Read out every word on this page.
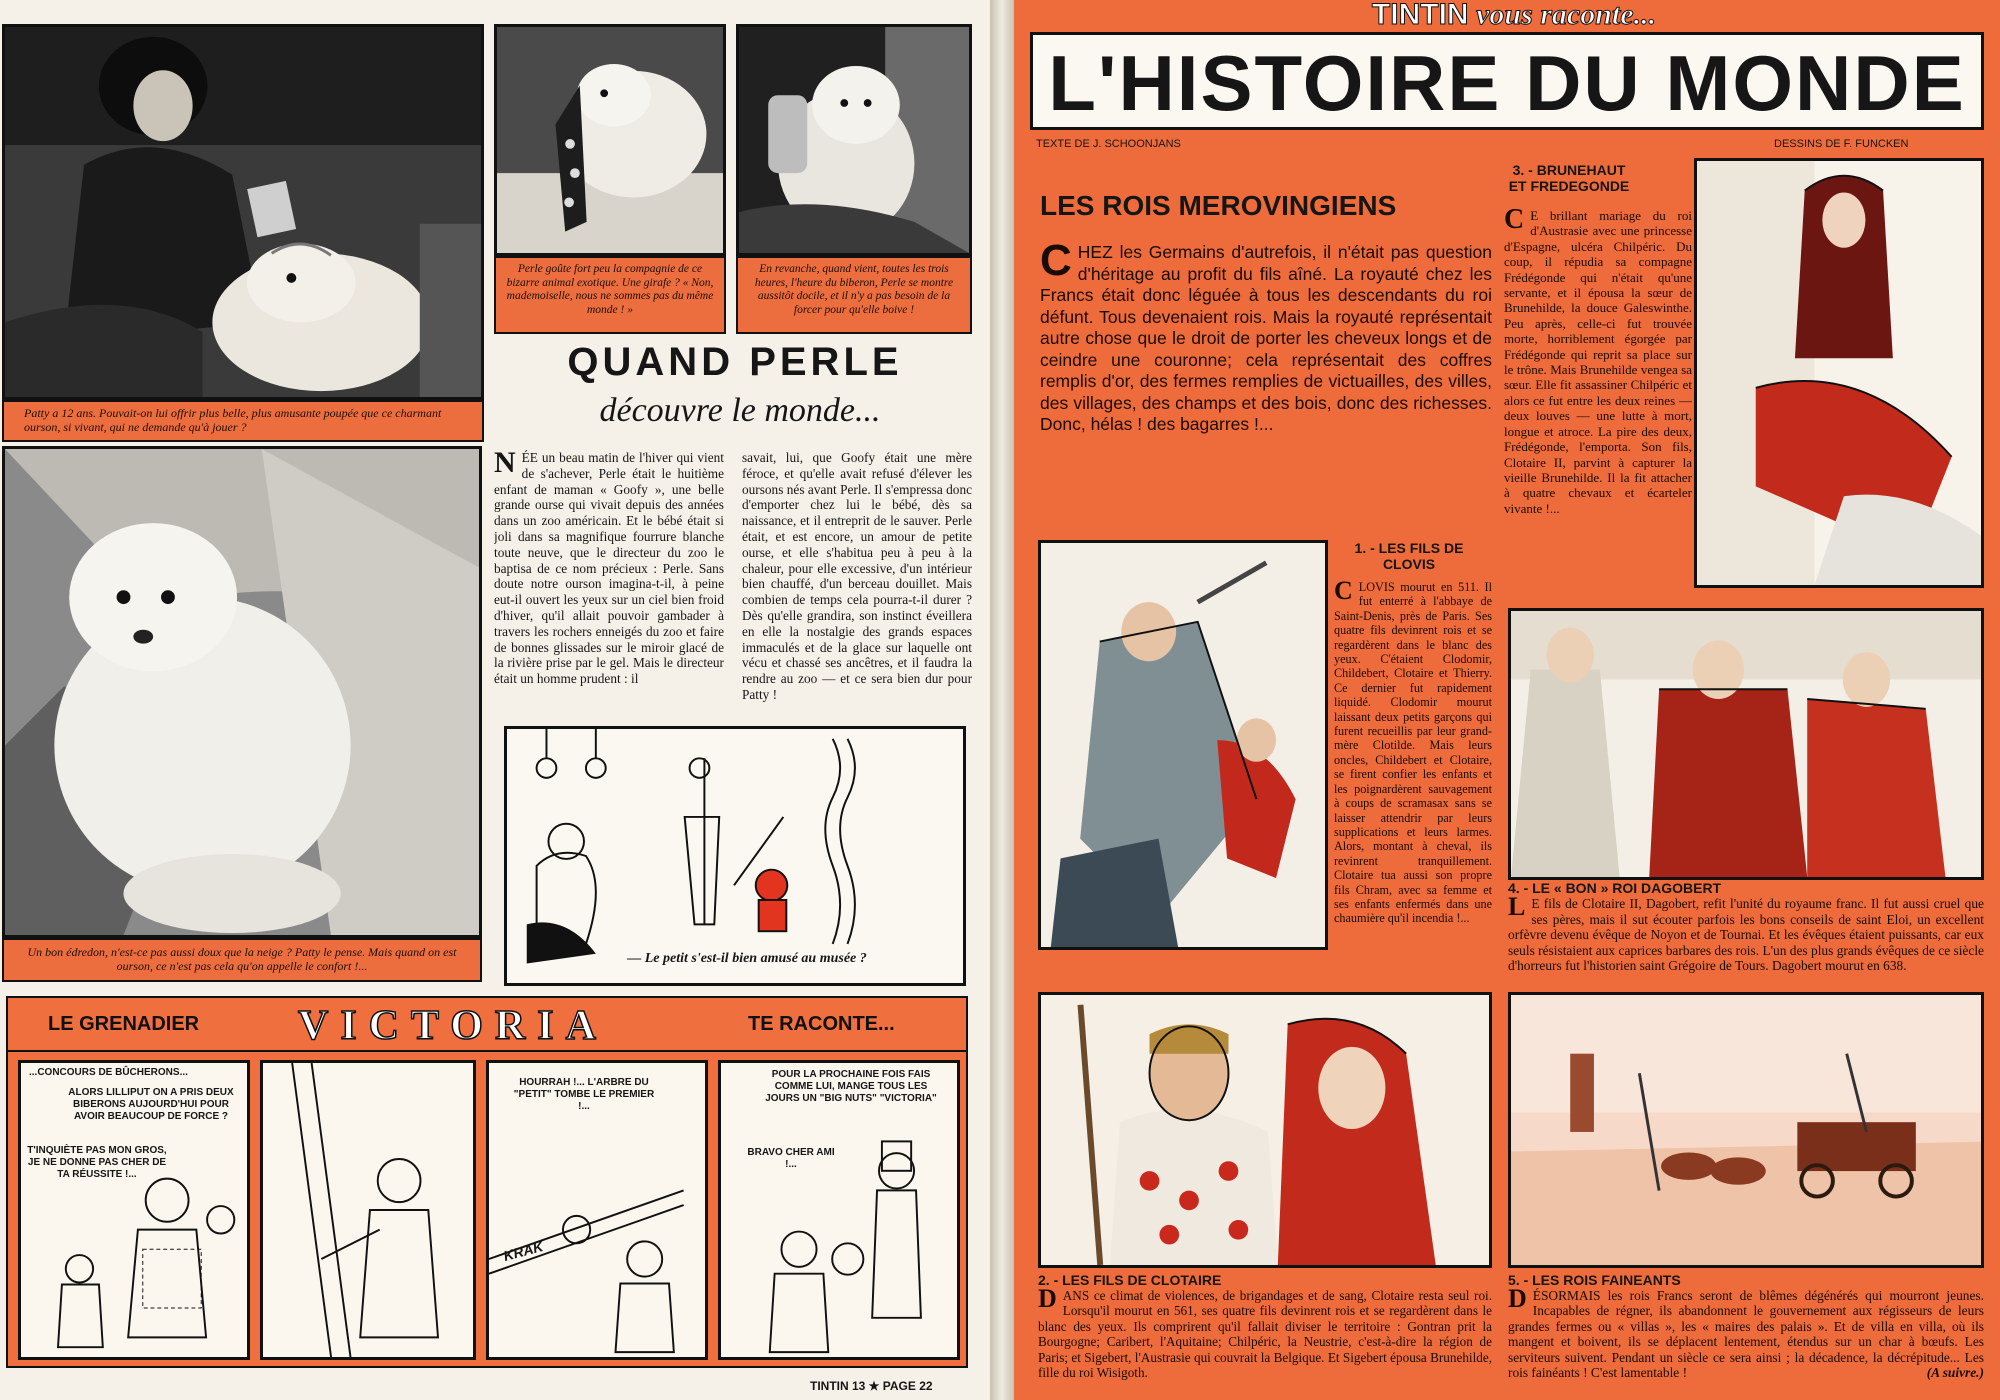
Patty a 12 ans. Pouvait-on lui offrir plus belle, plus amusante poupée que ce charmant ourson, si vivant, qui ne demande qu'à jouer ?
Perle goûte fort peu la compagnie de ce bizarre animal exotique. Une girafe ? « Non, mademoiselle, nous ne sommes pas du même monde ! »
En revanche, quand vient, toutes les trois heures, l'heure du biberon, Perle se montre aussitôt docile, et il n'y a pas besoin de la forcer pour qu'elle boive !
QUAND PERLE
découvre le monde...
Un bon édredon, n'est-ce pas aussi doux que la neige ? Patty le pense. Mais quand on est ourson, ce n'est pas cela qu'on appelle le confort !...
NÉE un beau matin de l'hiver qui vient de s'achever, Perle était le huitième enfant de maman « Goofy », une belle grande ourse qui vivait depuis des années dans un zoo américain. Et le bébé était si joli dans sa magnifique fourrure blanche toute neuve, que le directeur du zoo le baptisa de ce nom précieux : Perle. Sans doute notre ourson imagina-t-il, à peine eut-il ouvert les yeux sur un ciel bien froid d'hiver, qu'il allait pouvoir gambader à travers les rochers enneigés du zoo et faire de bonnes glissades sur le miroir glacé de la rivière prise par le gel. Mais le directeur était un homme prudent : il
savait, lui, que Goofy était une mère féroce, et qu'elle avait refusé d'élever les oursons nés avant Perle. Il s'empressa donc d'emporter chez lui le bébé, dès sa naissance, et il entreprit de le sauver. Perle était, et est encore, un amour de petite ourse, et elle s'habitua peu à peu à la chaleur, pour elle excessive, d'un intérieur bien chauffé, d'un berceau douillet. Mais combien de temps cela pourra-t-il durer ? Dès qu'elle grandira, son instinct éveillera en elle la nostalgie des grands espaces immaculés et de la glace sur laquelle ont vécu et chassé ses ancêtres, et il faudra la rendre au zoo — et ce sera bien dur pour Patty !
— Le petit s'est-il bien amusé au musée ?
LE GRENADIER VICTORIA	TE RACONTE...
...CONCOURS DE BÛCHERONS...
ALORS LILLIPUT ON A PRIS DEUX BIBERONS AUJOURD'HUI POUR AVOIR BEAUCOUP DE FORCE ?
T'INQUIÈTE PAS MON GROS, JE NE DONNE PAS CHER DE TA RÉUSSITE !...
HOURRAH !... L'ARBRE DU "PETIT" TOMBE LE PREMIER !...
KRAK
POUR LA PROCHAINE FOIS FAIS COMME LUI, MANGE TOUS LES JOURS UN "BIG NUTS" "VICTORIA"
BRAVO CHER AMI !...
TINTIN 13 ★ PAGE 22
TINTIN vous raconte...
L'HISTOIRE DU MONDE
TEXTE DE J. SCHOONJANS	DESSINS DE F. FUNCKEN
LES ROIS MEROVINGIENS
CHEZ les Germains d'autrefois, il n'était pas question d'héritage au profit du fils aîné. La royauté chez les Francs était donc léguée à tous les descendants du roi défunt. Tous devenaient rois. Mais la royauté représentait autre chose que le droit de porter les cheveux longs et de ceindre une couronne; cela représentait des coffres remplis d'or, des fermes remplies de victuailles, des villes, des villages, des champs et des bois, donc des richesses. Donc, hélas ! des bagarres !...
3. - BRUNEHAUT ET FREDEGONDE
C E brillant mariage du roi d'Austrasie avec une princesse d'Espagne, ulcéra Chilpéric. Du coup, il répudia sa compagne Frédégonde qui n'était qu'une servante, et il épousa la sœur de Brunehilde, la douce Galeswinthe. Peu après, celle-ci fut trouvée morte, horriblement égorgée par Frédégonde qui reprit sa place sur le trône. Mais Brunehilde vengea sa sœur. Elle fit assassiner Chilpéric et alors ce fut entre les deux reines — deux louves — une lutte à mort, longue et atroce. La pire des deux, Frédégonde, l'emporta. Son fils, Clotaire II, parvint à capturer la vieille Brunehilde. Il la fit attacher à quatre chevaux et écarteler vivante !...
1. - LES FILS DE CLOVIS
CLOVIS mourut en 511. Il fut enterré à l'abbaye de Saint-Denis, près de Paris. Ses quatre fils devinrent rois et se regardèrent dans le blanc des yeux. C'étaient Clodomir, Childebert, Clotaire et Thierry. Ce dernier fut rapidement liquidé. Clodomir mourut laissant deux petits garçons qui furent recueillis par leur grand-mère Clotilde. Mais leurs oncles, Childebert et Clotaire, se firent confier les enfants et les poignardèrent sauvagement à coups de scramasax sans se laisser attendrir par leurs supplications et leurs larmes. Alors, montant à cheval, ils revinrent tranquillement. Clotaire tua aussi son propre fils Chram, avec sa femme et ses enfants enfermés dans une chaumière qu'il incendia !...
4. - LE « BON » ROI DAGOBERT
L E fils de Clotaire II, Dagobert, refit l'unité du royaume franc. Il fut aussi cruel que ses pères, mais il sut écouter parfois les bons conseils de saint Eloi, un excellent orfèvre devenu évêque de Noyon et de Tournai. Et les évêques étaient puissants, car eux seuls résistaient aux caprices barbares des rois. L'un des plus grands évêques de ce siècle d'horreurs fut l'historien saint Grégoire de Tours. Dagobert mourut en 638.
2. - LES FILS DE CLOTAIRE
DANS ce climat de violences, de brigandages et de sang, Clotaire resta seul roi. Lorsqu'il mourut en 561, ses quatre fils devinrent rois et se regardèrent dans le blanc des yeux. Ils comprirent qu'il fallait diviser le territoire : Gontran prit la Bourgogne; Caribert, l'Aquitaine; Chilpéric, la Neustrie, c'est-à-dire la région de Paris; et Sigebert, l'Austrasie qui couvrait la Belgique. Et Sigebert épousa Brunehilde, fille du roi Wisigoth.
5. - LES ROIS FAINEANTS
DÉSORMAIS les rois Francs seront de blêmes dégénérés qui mourront jeunes. Incapables de régner, ils abandonnent le gouvernement aux régisseurs de leurs grandes fermes ou « villas », les « maires des palais ». Et de villa en villa, où ils mangent et boivent, ils se déplacent lentement, étendus sur un char à bœufs. Les serviteurs suivent. Pendant un siècle ce sera ainsi ; la décadence, la décrépitude... Les rois fainéants ! C'est lamentable !	(A suivre.)
